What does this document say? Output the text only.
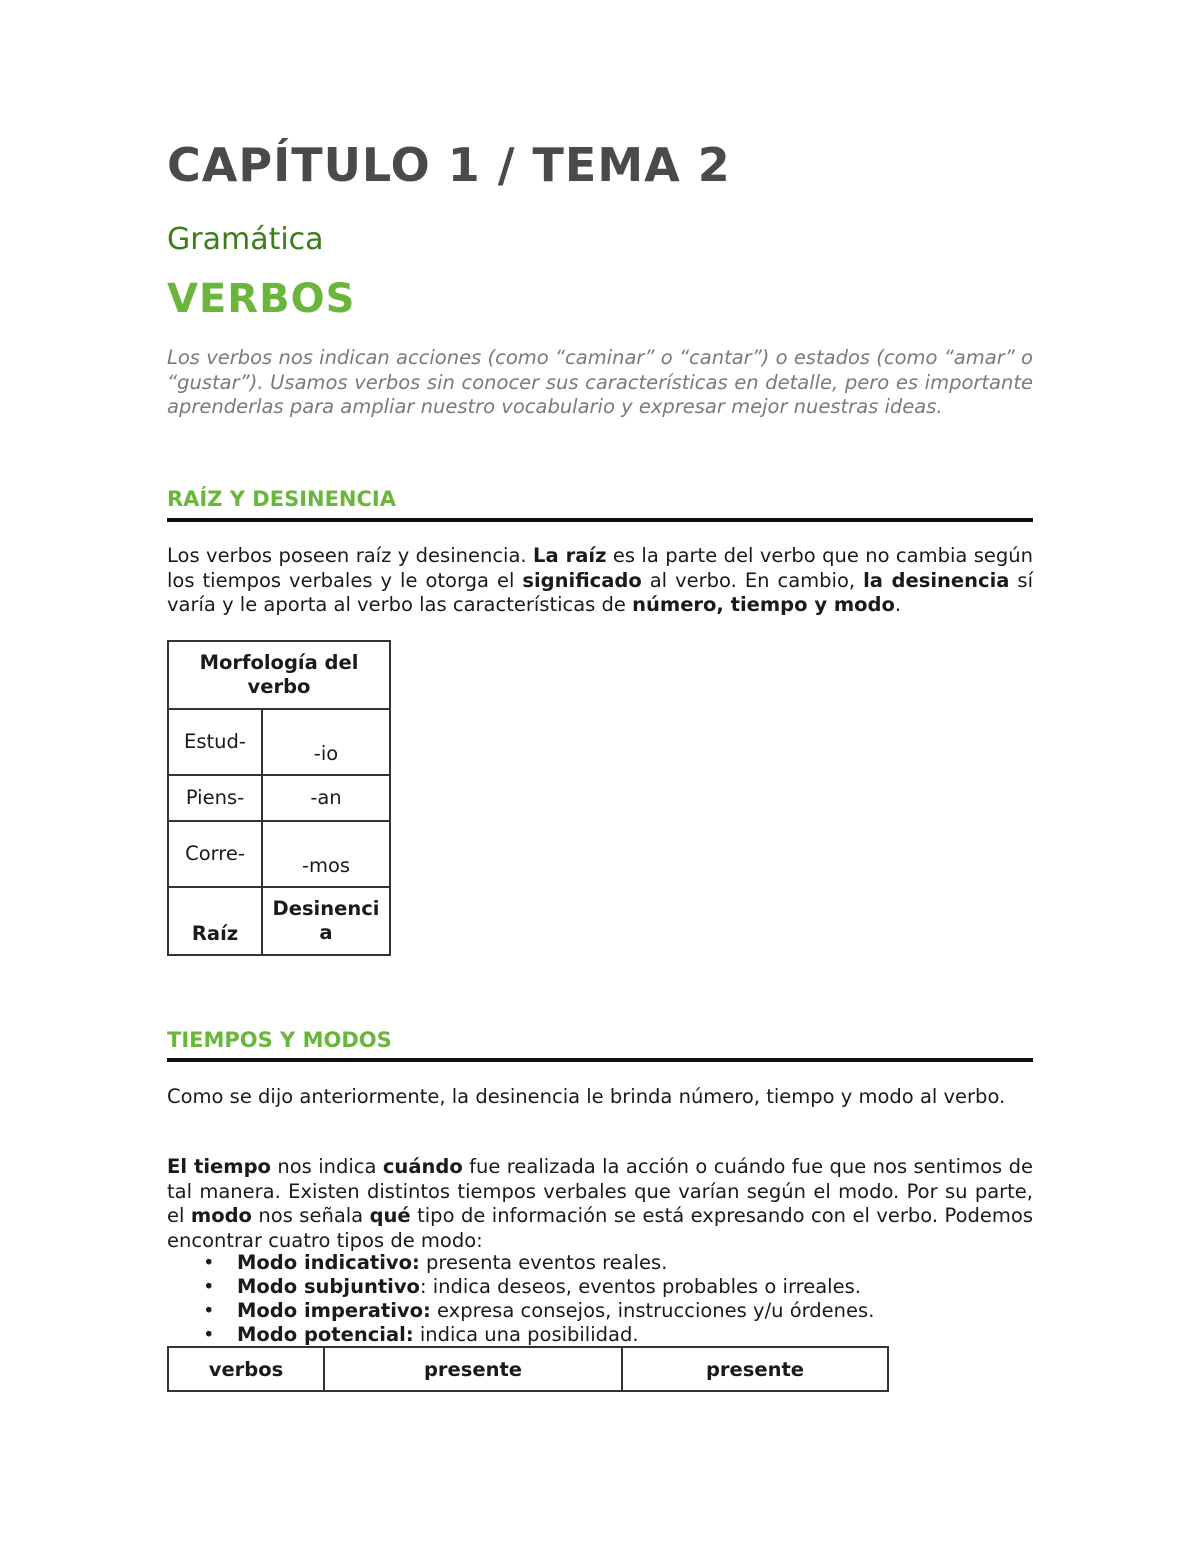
CAPÍTULO 1 / TEMA 2
Gramática
VERBOS

Los verbos nos indican acciones (como “caminar” o “cantar”) o estados (como “amar” o “gustar”). Usamos verbos sin conocer sus características en detalle, pero es importante aprenderlas para ampliar nuestro vocabulario y expresar mejor nuestras ideas.

RAÍZ Y DESINENCIA

Los verbos poseen raíz y desinencia. La raíz es la parte del verbo que no cambia según los tiempos verbales y le otorga el significado al verbo. En cambio, la desinencia sí varía y le aporta al verbo las características de número, tiempo y modo.

Morfología del verbo	
Estud-	-io
Piens-	-an
Corre-	-mos
Raíz	Desinencia
TIEMPOS Y MODOS

Como se dijo anteriormente, la desinencia le brinda número, tiempo y modo al verbo.

El tiempo nos indica cuándo fue realizada la acción o cuándo fue que nos sentimos de tal manera. Existen distintos tiempos verbales que varían según el modo. Por su parte, el modo nos señala qué tipo de información se está expresando con el verbo. Podemos encontrar cuatro tipos de modo:

• Modo indicativo: presenta eventos reales.
• Modo subjuntivo: indica deseos, eventos probables o irreales.
• Modo imperativo: expresa consejos, instrucciones y/u órdenes.
• Modo potencial: indica una posibilidad.
verbos	presente	presente
